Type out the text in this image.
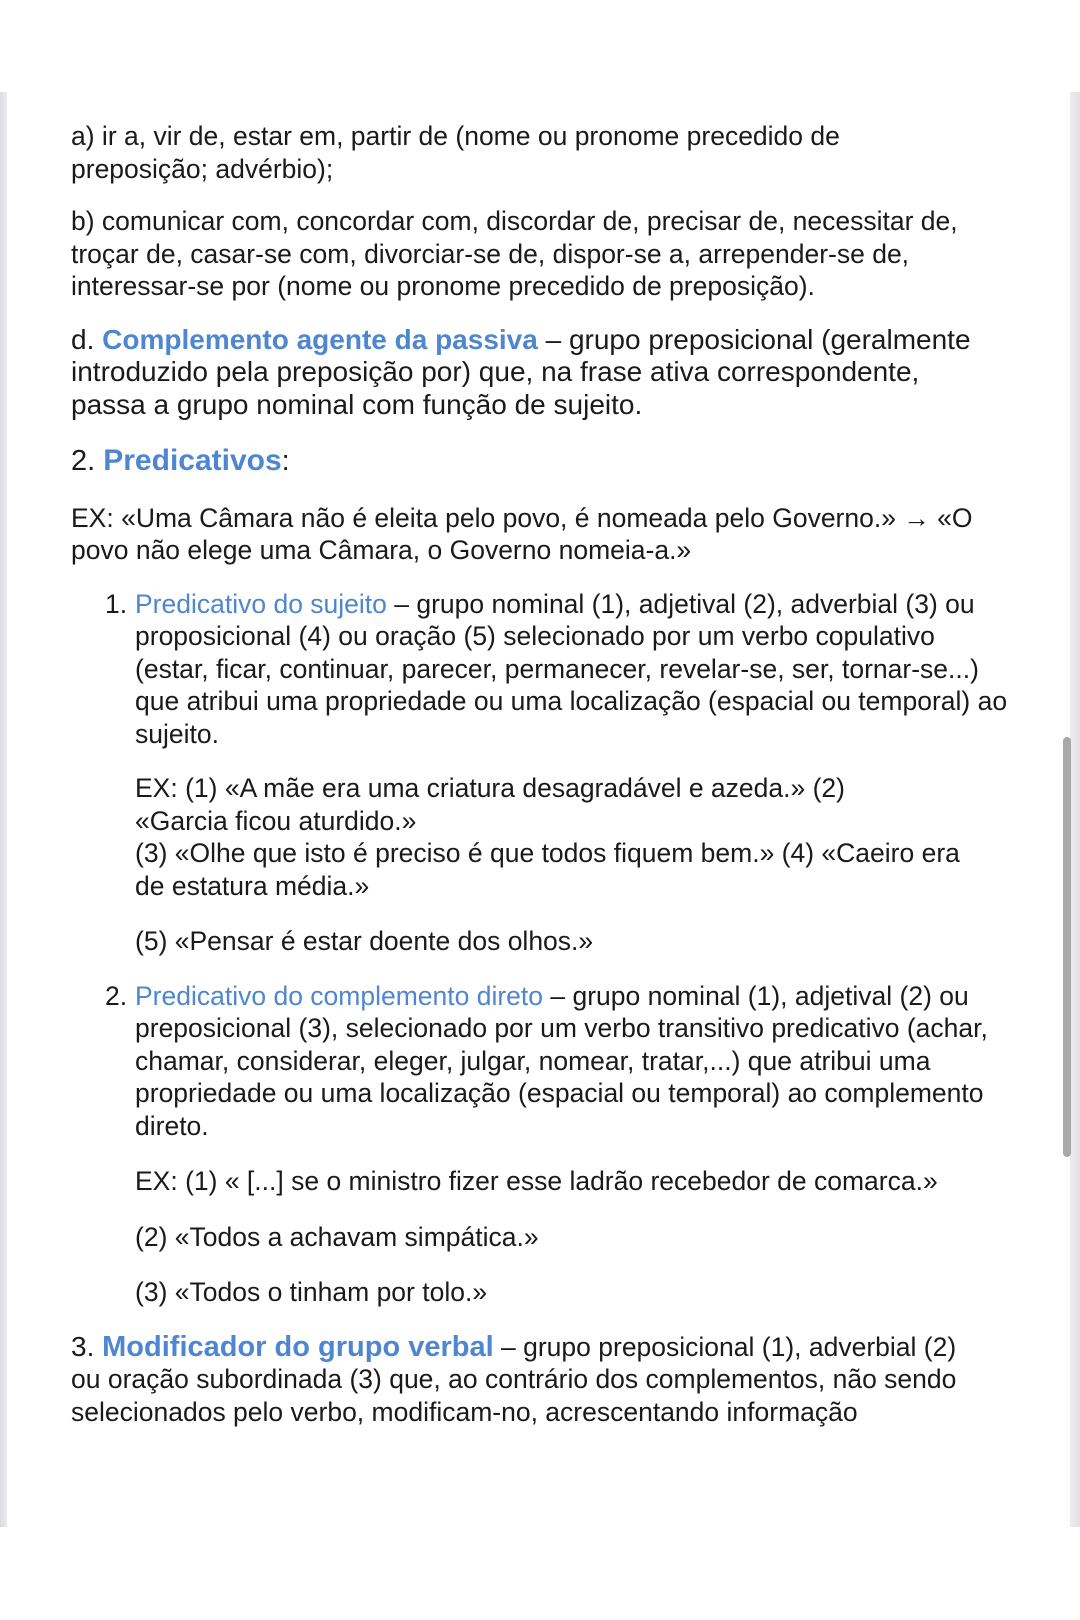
a) ir a, vir de, estar em, partir de (nome ou pronome precedido de preposição; advérbio);

b) comunicar com, concordar com, discordar de, precisar de, necessitar de, troçar de, casar-se com, divorciar-se de, dispor-se a, arrepender-se de, interessar-se por (nome ou pronome precedido de preposição).

d. Complemento agente da passiva – grupo preposicional (geralmente introduzido pela preposição por) que, na frase ativa correspondente, passa a grupo nominal com função de sujeito.

2. Predicativos:

EX: «Uma Câmara não é eleita pelo povo, é nomeada pelo Governo.» → «O povo não elege uma Câmara, o Governo nomeia-a.»

1. Predicativo do sujeito – grupo nominal (1), adjetival (2), adverbial (3) ou proposicional (4) ou oração (5) selecionado por um verbo copulativo (estar, ficar, continuar, parecer, permanecer, revelar-se, ser, tornar-se...) que atribui uma propriedade ou uma localização (espacial ou temporal) ao sujeito.

EX: (1) «A mãe era uma criatura desagradável e azeda.» (2) «Garcia ficou aturdido.»

(3) «Olhe que isto é preciso é que todos fiquem bem.» (4) «Caeiro era de estatura média.»

(5) «Pensar é estar doente dos olhos.»

2. Predicativo do complemento direto – grupo nominal (1), adjetival (2) ou preposicional (3), selecionado por um verbo transitivo predicativo (achar, chamar, considerar, eleger, julgar, nomear, tratar,...) que atribui uma propriedade ou uma localização (espacial ou temporal) ao complemento direto.

EX: (1) « [...] se o ministro fizer esse ladrão recebedor de comarca.»

(2) «Todos a achavam simpática.»

(3) «Todos o tinham por tolo.»

3. Modificador do grupo verbal – grupo preposicional (1), adverbial (2) ou oração subordinada (3) que, ao contrário dos complementos, não sendo selecionados pelo verbo, modificam-no, acrescentando informação
